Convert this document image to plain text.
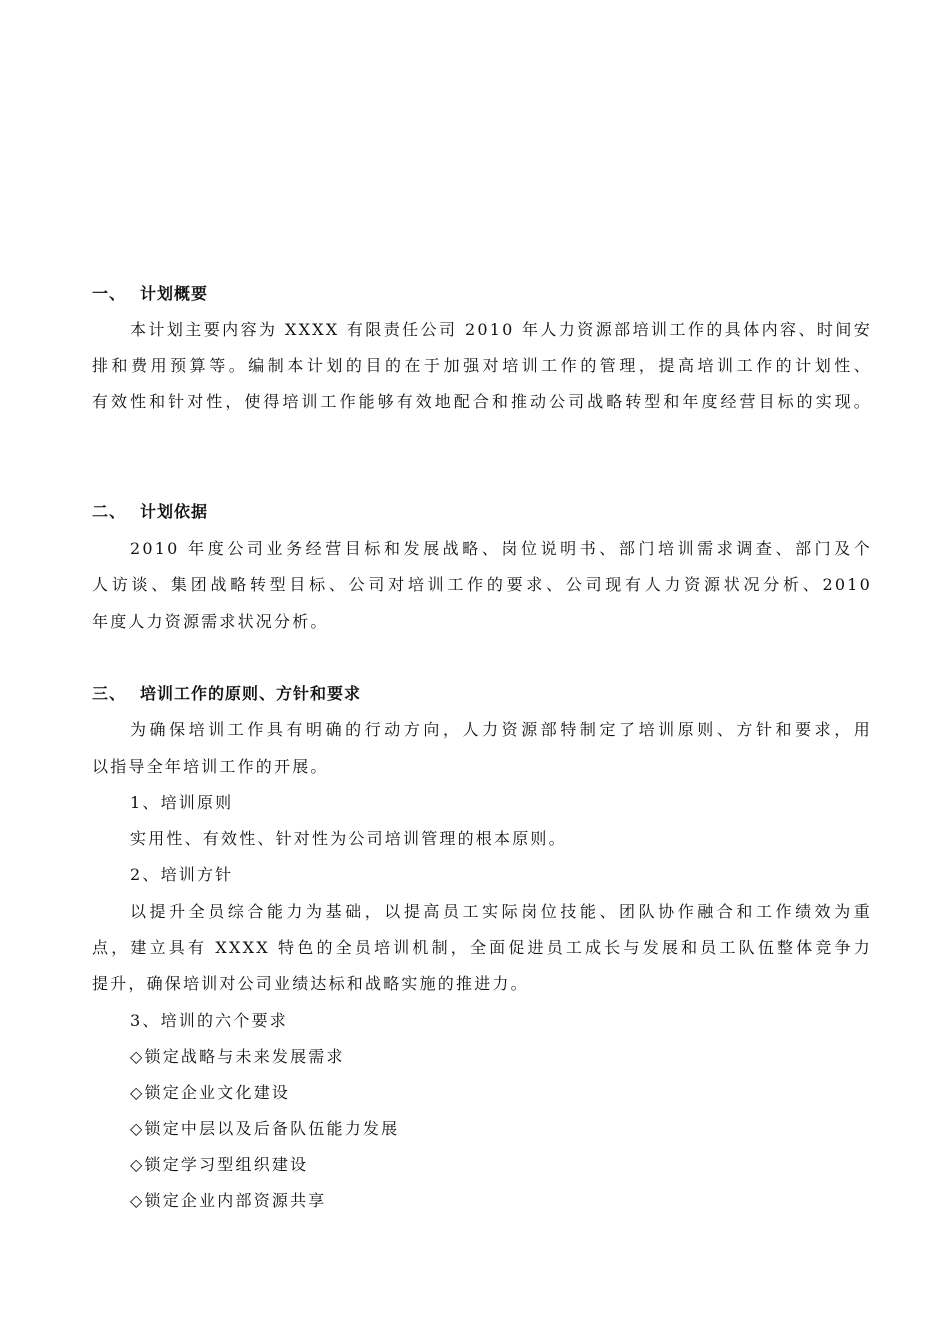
一、 计划概要
本计划主要内容为 XXXX 有限责任公司 2010 年人力资源部培训工作的具体内容、时间安
排和费用预算等。编制本计划的目的在于加强对培训工作的管理，提高培训工作的计划性、
有效性和针对性，使得培训工作能够有效地配合和推动公司战略转型和年度经营目标的实现。
二、 计划依据
2010 年度公司业务经营目标和发展战略、岗位说明书、部门培训需求调查、部门及个
人访谈、集团战略转型目标、公司对培训工作的要求、公司现有人力资源状况分析、2010
年度人力资源需求状况分析。
三、 培训工作的原则、方针和要求
为确保培训工作具有明确的行动方向，人力资源部特制定了培训原则、方针和要求，用
以指导全年培训工作的开展。
1、培训原则
实用性、有效性、针对性为公司培训管理的根本原则。
2、培训方针
以提升全员综合能力为基础，以提高员工实际岗位技能、团队协作融合和工作绩效为重
点，建立具有 XXXX 特色的全员培训机制，全面促进员工成长与发展和员工队伍整体竞争力
提升，确保培训对公司业绩达标和战略实施的推进力。
3、培训的六个要求
◇锁定战略与未来发展需求
◇锁定企业文化建设
◇锁定中层以及后备队伍能力发展
◇锁定学习型组织建设
◇锁定企业内部资源共享
